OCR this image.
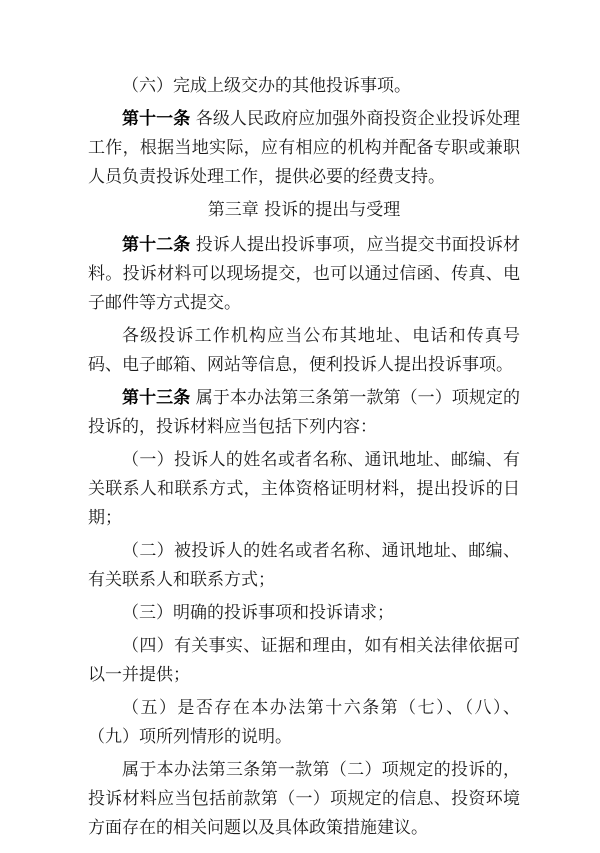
（六）完成上级交办的其他投诉事项。

第十一条 各级人民政府应加强外商投资企业投诉处理工作，根据当地实际，应有相应的机构并配备专职或兼职人员负责投诉处理工作，提供必要的经费支持。

第三章 投诉的提出与受理

第十二条 投诉人提出投诉事项，应当提交书面投诉材料。投诉材料可以现场提交，也可以通过信函、传真、电子邮件等方式提交。

各级投诉工作机构应当公布其地址、电话和传真号码、电子邮箱、网站等信息，便利投诉人提出投诉事项。

第十三条 属于本办法第三条第一款第（一）项规定的投诉的，投诉材料应当包括下列内容：

（一）投诉人的姓名或者名称、通讯地址、邮编、有关联系人和联系方式，主体资格证明材料，提出投诉的日期；

（二）被投诉人的姓名或者名称、通讯地址、邮编、有关联系人和联系方式；

（三）明确的投诉事项和投诉请求；

（四）有关事实、证据和理由，如有相关法律依据可以一并提供；

（五）是否存在本办法第十六条第（七）、（八）、（九）项所列情形的说明。

属于本办法第三条第一款第（二）项规定的投诉的，投诉材料应当包括前款第（一）项规定的信息、投资环境方面存在的相关问题以及具体政策措施建议。
